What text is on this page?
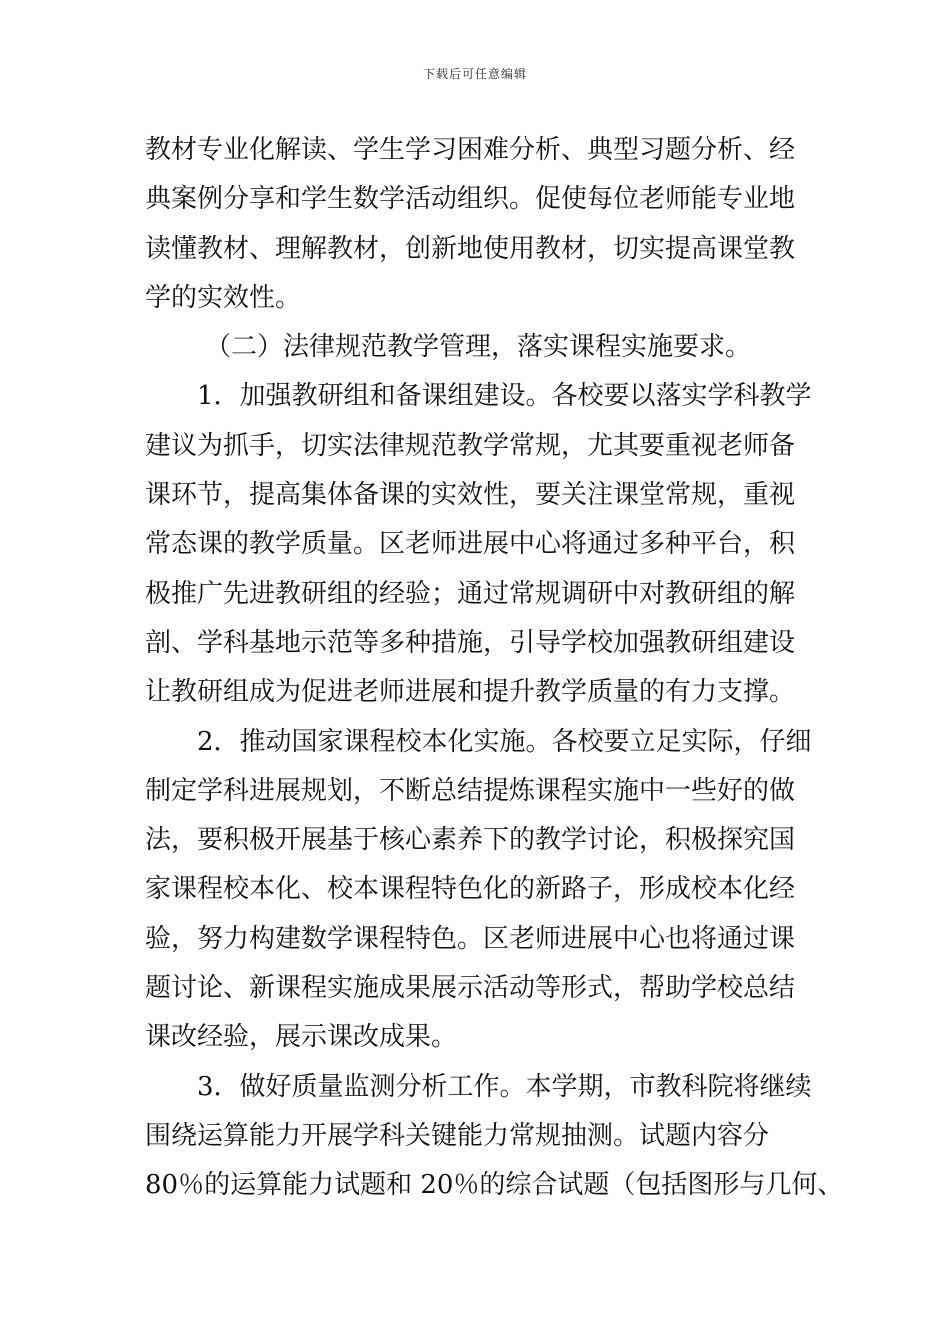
下载后可任意编辑
教材专业化解读、学生学习困难分析、典型习题分析、经
典案例分享和学生数学活动组织。促使每位老师能专业地
读懂教材、理解教材，创新地使用教材，切实提高课堂教
学的实效性。
（二）法律规范教学管理，落实课程实施要求。
1．加强教研组和备课组建设。各校要以落实学科教学
建议为抓手，切实法律规范教学常规，尤其要重视老师备
课环节，提高集体备课的实效性，要关注课堂常规，重视
常态课的教学质量。区老师进展中心将通过多种平台，积
极推广先进教研组的经验；通过常规调研中对教研组的解
剖、学科基地示范等多种措施，引导学校加强教研组建设
让教研组成为促进老师进展和提升教学质量的有力支撑。
2．推动国家课程校本化实施。各校要立足实际，仔细
制定学科进展规划，不断总结提炼课程实施中一些好的做
法，要积极开展基于核心素养下的教学讨论，积极探究国
家课程校本化、校本课程特色化的新路子，形成校本化经
验，努力构建数学课程特色。区老师进展中心也将通过课
题讨论、新课程实施成果展示活动等形式，帮助学校总结
课改经验，展示课改成果。
3．做好质量监测分析工作。本学期，市教科院将继续
围绕运算能力开展学科关键能力常规抽测。试题内容分
80％的运算能力试题和 20％的综合试题（包括图形与几何、
